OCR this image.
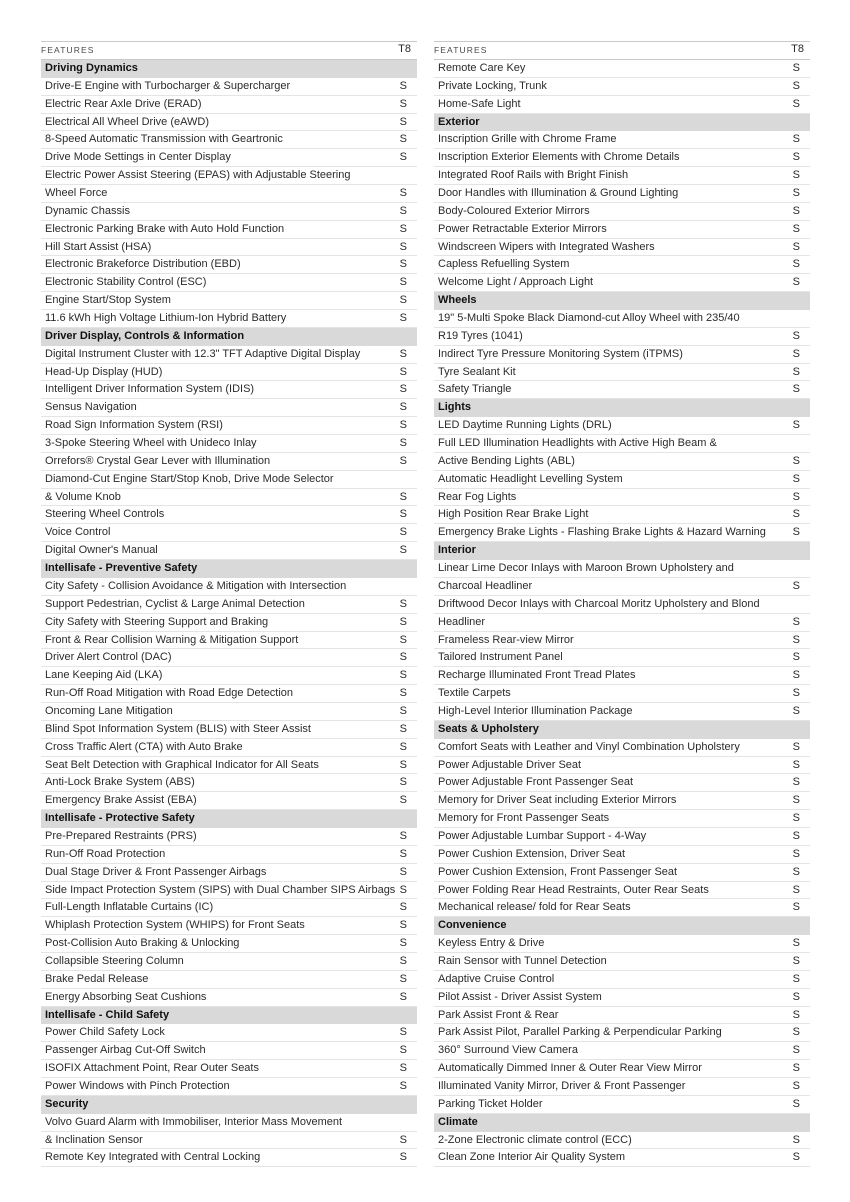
FEATURES	T8
Driving Dynamics
Drive-E Engine with Turbocharger & Supercharger	S
Electric Rear Axle Drive (ERAD)	S
Electrical All Wheel Drive (eAWD)	S
8-Speed Automatic Transmission with Geartronic	S
Drive Mode Settings in Center Display	S
Electric Power Assist Steering (EPAS) with Adjustable Steering
Wheel Force	S
Dynamic Chassis	S
Electronic Parking Brake with Auto Hold Function	S
Hill Start Assist (HSA)	S
Electronic Brakeforce Distribution (EBD)	S
Electronic Stability Control (ESC)	S
Engine Start/Stop System	S
11.6 kWh High Voltage Lithium-Ion Hybrid Battery	S
Driver Display, Controls & Information
Digital Instrument Cluster with 12.3" TFT Adaptive Digital Display	S
Head-Up Display (HUD)	S
Intelligent Driver Information System (IDIS)	S
Sensus Navigation	S
Road Sign Information System (RSI)	S
3-Spoke Steering Wheel with Unideco Inlay	S
Orrefors® Crystal Gear Lever with Illumination	S
Diamond-Cut Engine Start/Stop Knob, Drive Mode Selector
& Volume Knob	S
Steering Wheel Controls	S
Voice Control	S
Digital Owner's Manual	S
Intellisafe - Preventive Safety
City Safety - Collision Avoidance & Mitigation with Intersection
Support Pedestrian, Cyclist & Large Animal Detection	S
City Safety with Steering Support and Braking	S
Front & Rear Collision Warning & Mitigation Support	S
Driver Alert Control (DAC)	S
Lane Keeping Aid (LKA)	S
Run-Off Road Mitigation with Road Edge Detection	S
Oncoming Lane Mitigation	S
Blind Spot Information System (BLIS) with Steer Assist	S
Cross Traffic Alert (CTA) with Auto Brake	S
Seat Belt Detection with Graphical Indicator for All Seats	S
Anti-Lock Brake System (ABS)	S
Emergency Brake Assist (EBA)	S
Intellisafe - Protective Safety
Pre-Prepared Restraints (PRS)	S
Run-Off Road Protection	S
Dual Stage Driver & Front Passenger Airbags	S
Side Impact Protection System (SIPS) with Dual Chamber SIPS Airbags S
Full-Length Inflatable Curtains (IC)	S
Whiplash Protection System (WHIPS) for Front Seats	S
Post-Collision Auto Braking & Unlocking	S
Collapsible Steering Column	S
Brake Pedal Release	S
Energy Absorbing Seat Cushions	S
Intellisafe - Child Safety
Power Child Safety Lock	S
Passenger Airbag Cut-Off Switch	S
ISOFIX Attachment Point, Rear Outer Seats	S
Power Windows with Pinch Protection	S
Security
Volvo Guard Alarm with Immobiliser, Interior Mass Movement
& Inclination Sensor	S
Remote Key Integrated with Central Locking	S
FEATURES	T8
Remote Care Key	S
Private Locking, Trunk	S
Home-Safe Light	S
Exterior
Inscription Grille with Chrome Frame	S
Inscription Exterior Elements with Chrome Details	S
Integrated Roof Rails with Bright Finish	S
Door Handles with Illumination & Ground Lighting	S
Body-Coloured Exterior Mirrors	S
Power Retractable Exterior Mirrors	S
Windscreen Wipers with Integrated Washers	S
Capless Refuelling System	S
Welcome Light / Approach Light	S
Wheels
19" 5-Multi Spoke Black Diamond-cut Alloy Wheel with 235/40
R19 Tyres (1041)	S
Indirect Tyre Pressure Monitoring System (iTPMS)	S
Tyre Sealant Kit	S
Safety Triangle	S
Lights
LED Daytime Running Lights (DRL)	S
Full LED Illumination Headlights with Active High Beam &
Active Bending Lights (ABL)	S
Automatic Headlight Levelling System	S
Rear Fog Lights	S
High Position Rear Brake Light	S
Emergency Brake Lights - Flashing Brake Lights & Hazard Warning S
Interior
Linear Lime Decor Inlays with Maroon Brown Upholstery and
Charcoal Headliner	S
Driftwood Decor Inlays with Charcoal Moritz Upholstery and Blond
Headliner	S
Frameless Rear-view Mirror	S
Tailored Instrument Panel	S
Recharge Illuminated Front Tread Plates	S
Textile Carpets	S
High-Level Interior Illumination Package	S
Seats & Upholstery
Comfort Seats with Leather and Vinyl Combination Upholstery	S
Power Adjustable Driver Seat	S
Power Adjustable Front Passenger Seat	S
Memory for Driver Seat including Exterior Mirrors	S
Memory for Front Passenger Seats	S
Power Adjustable Lumbar Support - 4-Way	S
Power Cushion Extension, Driver Seat	S
Power Cushion Extension, Front Passenger Seat	S
Power Folding Rear Head Restraints, Outer Rear Seats	S
Mechanical release/ fold for Rear Seats	S
Convenience
Keyless Entry & Drive	S
Rain Sensor with Tunnel Detection	S
Adaptive Cruise Control	S
Pilot Assist - Driver Assist System	S
Park Assist Front & Rear	S
Park Assist Pilot, Parallel Parking & Perpendicular Parking	S
360° Surround View Camera	S
Automatically Dimmed Inner & Outer Rear View Mirror	S
Illuminated Vanity Mirror, Driver & Front Passenger	S
Parking Ticket Holder	S
Climate
2-Zone Electronic climate control (ECC)	S
Clean Zone Interior Air Quality System	S
